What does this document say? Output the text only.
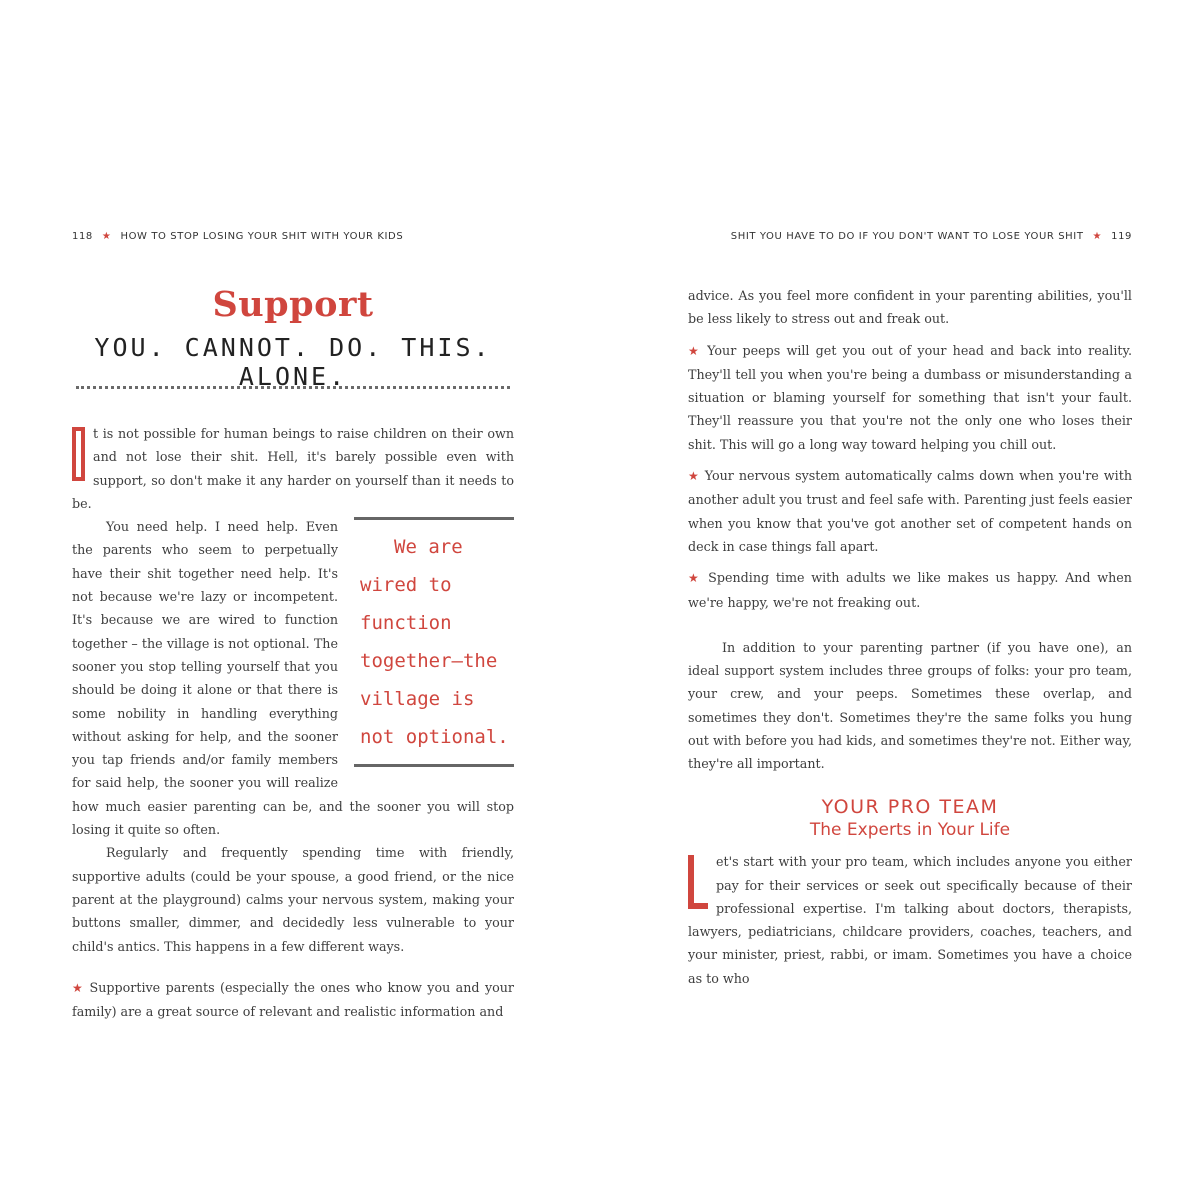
118 ★ HOW TO STOP LOSING YOUR SHIT WITH YOUR KIDS
Support
YOU. CANNOT. DO. THIS. ALONE.

t is not possible for human beings to raise children on their own and not lose their shit. Hell, it's barely possible even with support, so don't make it any harder on yourself than it needs to be.

We are wired to function together—the village is not optional.
You need help. I need help. Even the parents who seem to perpetually have their shit together need help. It's not because we're lazy or incompetent. It's because we are wired to function together – the village is not optional. The sooner you stop telling yourself that you should be doing it alone or that there is some nobility in handling everything without asking for help, and the sooner you tap friends and/or family members for said help, the sooner you will realize how much easier parenting can be, and the sooner you will stop losing it quite so often.

Regularly and frequently spending time with friendly, supportive adults (could be your spouse, a good friend, or the nice parent at the playground) calms your nervous system, making your buttons smaller, dimmer, and decidedly less vulnerable to your child's antics. This happens in a few different ways.

★ Supportive parents (especially the ones who know you and your family) are a great source of relevant and realistic information and

SHIT YOU HAVE TO DO IF YOU DON'T WANT TO LOSE YOUR SHIT ★ 119

advice. As you feel more confident in your parenting abilities, you'll be less likely to stress out and freak out.

★ Your peeps will get you out of your head and back into reality. They'll tell you when you're being a dumbass or misunderstanding a situation or blaming yourself for something that isn't your fault. They'll reassure you that you're not the only one who loses their shit. This will go a long way toward helping you chill out.

★ Your nervous system automatically calms down when you're with another adult you trust and feel safe with. Parenting just feels easier when you know that you've got another set of competent hands on deck in case things fall apart.

★ Spending time with adults we like makes us happy. And when we're happy, we're not freaking out.

In addition to your parenting partner (if you have one), an ideal support system includes three groups of folks: your pro team, your crew, and your peeps. Sometimes these overlap, and sometimes they don't. Sometimes they're the same folks you hung out with before you had kids, and sometimes they're not. Either way, they're all important.

YOUR PRO TEAM
The Experts in Your Life

et's start with your pro team, which includes anyone you either pay for their services or seek out specifically because of their professional expertise. I'm talking about doctors, therapists, lawyers, pediatricians, childcare providers, coaches, teachers, and your minister, priest, rabbi, or imam. Sometimes you have a choice as to who
